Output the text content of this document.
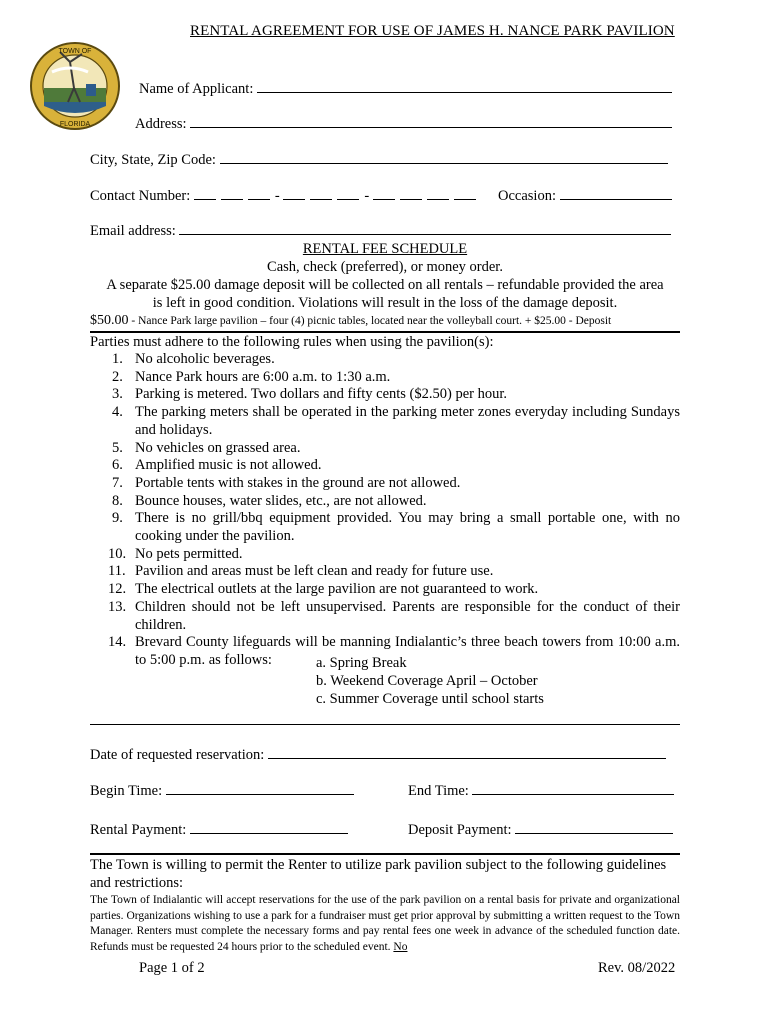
TOWN OF
FLORIDA
RENTAL AGREEMENT FOR USE OF JAMES H. NANCE PARK PAVILION
Name of Applicant:
Address:
City, State, Zip Code:
Contact Number:	-	-	Occasion:
Email address:
RENTAL FEE SCHEDULE
Cash, check (preferred), or money order.
A separate $25.00 damage deposit will be collected on all rentals – refundable provided the area
is left in good condition. Violations will result in the loss of the damage deposit.
$50.00 - Nance Park large pavilion – four (4) picnic tables, located near the volleyball court. + $25.00 - Deposit
Parties must adhere to the following rules when using the pavilion(s):
1. No alcoholic beverages.
2. Nance Park hours are 6:00 a.m. to 1:30 a.m.
3. Parking is metered. Two dollars and fifty cents ($2.50) per hour.
4. The parking meters shall be operated in the parking meter zones everyday including Sundays and holidays.
5. No vehicles on grassed area.
6. Amplified music is not allowed.
7. Portable tents with stakes in the ground are not allowed.
8. Bounce houses, water slides, etc., are not allowed.
9. There is no grill/bbq equipment provided. You may bring a small portable one, with no cooking under the pavilion.
10. No pets permitted.
11. Pavilion and areas must be left clean and ready for future use.
12. The electrical outlets at the large pavilion are not guaranteed to work.
13. Children should not be left unsupervised. Parents are responsible for the conduct of their children.
14. Brevard County lifeguards will be manning Indialantic’s three beach towers from 10:00 a.m. to 5:00 p.m. as follows:	a. Spring Break
b. Weekend Coverage April – October
c. Summer Coverage until school starts
Date of requested reservation:
Begin Time:	End Time:
Rental Payment:	Deposit Payment:
The Town is willing to permit the Renter to utilize park pavilion subject to the following guidelines and restrictions:
The Town of Indialantic will accept reservations for the use of the park pavilion on a rental basis for private and organizational parties. Organizations wishing to use a park for a fundraiser must get prior approval by submitting a written request to the Town Manager. Renters must complete the necessary forms and pay rental fees one week in advance of the scheduled function date. Refunds must be requested 24 hours prior to the scheduled event. No
Page 1 of 2	Rev. 08/2022
